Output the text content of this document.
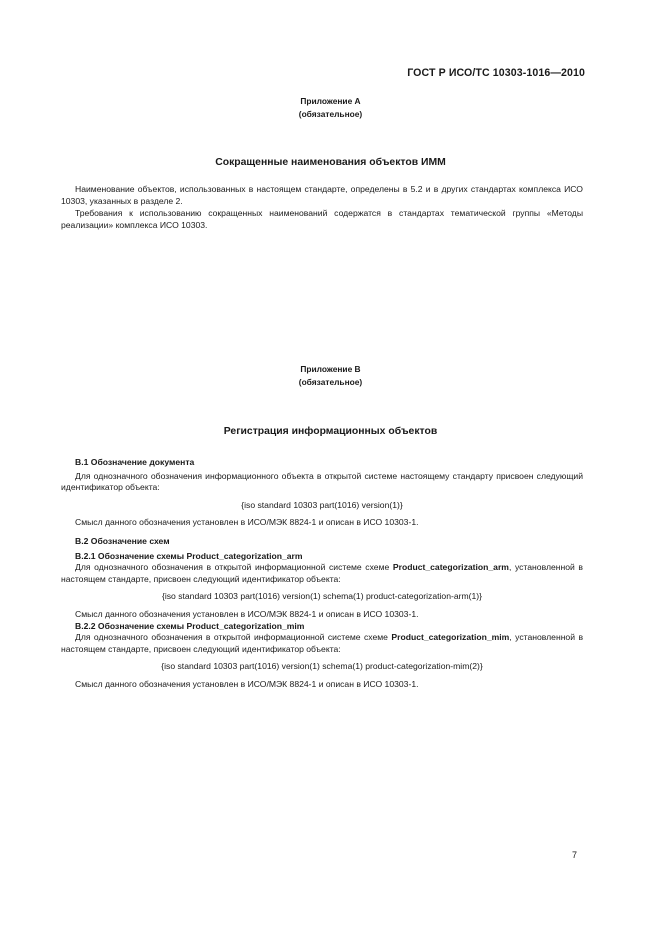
ГОСТ Р ИСО/ТС 10303-1016—2010
Приложение А
(обязательное)
Сокращенные наименования объектов ИММ

Наименование объектов, использованных в настоящем стандарте, определены в 5.2 и в других стандартах комплекса ИСО 10303, указанных в разделе 2.

Требования к использованию сокращенных наименований содержатся в стандартах тематической группы «Методы реализации» комплекса ИСО 10303.

Приложение В
(обязательное)
Регистрация информационных объектов

В.1 Обозначение документа

Для однозначного обозначения информационного объекта в открытой системе настоящему стандарту присвоен следующий идентификатор объекта:

{iso standard 10303 part(1016) version(1)}

Смысл данного обозначения установлен в ИСО/МЭК 8824-1 и описан в ИСО 10303-1.

В.2 Обозначение схем

В.2.1 Обозначение схемы Product_categorization_arm

Для однозначного обозначения в открытой информационной системе схеме Product_categorization_arm, установленной в настоящем стандарте, присвоен следующий идентификатор объекта:

{iso standard 10303 part(1016) version(1) schema(1) product-categorization-arm(1)}

Смысл данного обозначения установлен в ИСО/МЭК 8824-1 и описан в ИСО 10303-1.

В.2.2 Обозначение схемы Product_categorization_mim

Для однозначного обозначения в открытой информационной системе схеме Product_categorization_mim, установленной в настоящем стандарте, присвоен следующий идентификатор объекта:

{iso standard 10303 part(1016) version(1) schema(1) product-categorization-mim(2)}

Смысл данного обозначения установлен в ИСО/МЭК 8824-1 и описан в ИСО 10303-1.

7
